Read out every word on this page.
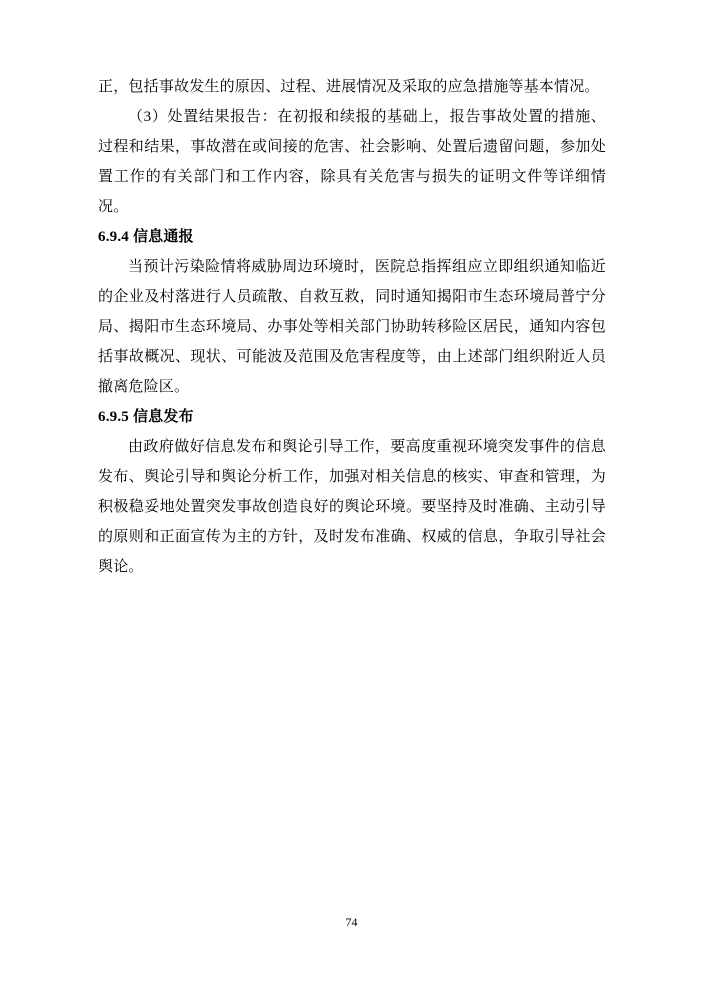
正，包括事故发生的原因、过程、进展情况及采取的应急措施等基本情况。

（3）处置结果报告：在初报和续报的基础上，报告事故处置的措施、过程和结果，事故潜在或间接的危害、社会影响、处置后遗留问题，参加处置工作的有关部门和工作内容，除具有关危害与损失的证明文件等详细情况。

6.9.4 信息通报

当预计污染险情将威胁周边环境时，医院总指挥组应立即组织通知临近的企业及村落进行人员疏散、自救互救，同时通知揭阳市生态环境局普宁分局、揭阳市生态环境局、办事处等相关部门协助转移险区居民，通知内容包括事故概况、现状、可能波及范围及危害程度等，由上述部门组织附近人员撤离危险区。

6.9.5 信息发布

由政府做好信息发布和舆论引导工作，要高度重视环境突发事件的信息发布、舆论引导和舆论分析工作，加强对相关信息的核实、审查和管理，为积极稳妥地处置突发事故创造良好的舆论环境。要坚持及时准确、主动引导的原则和正面宣传为主的方针，及时发布准确、权威的信息，争取引导社会舆论。

74
